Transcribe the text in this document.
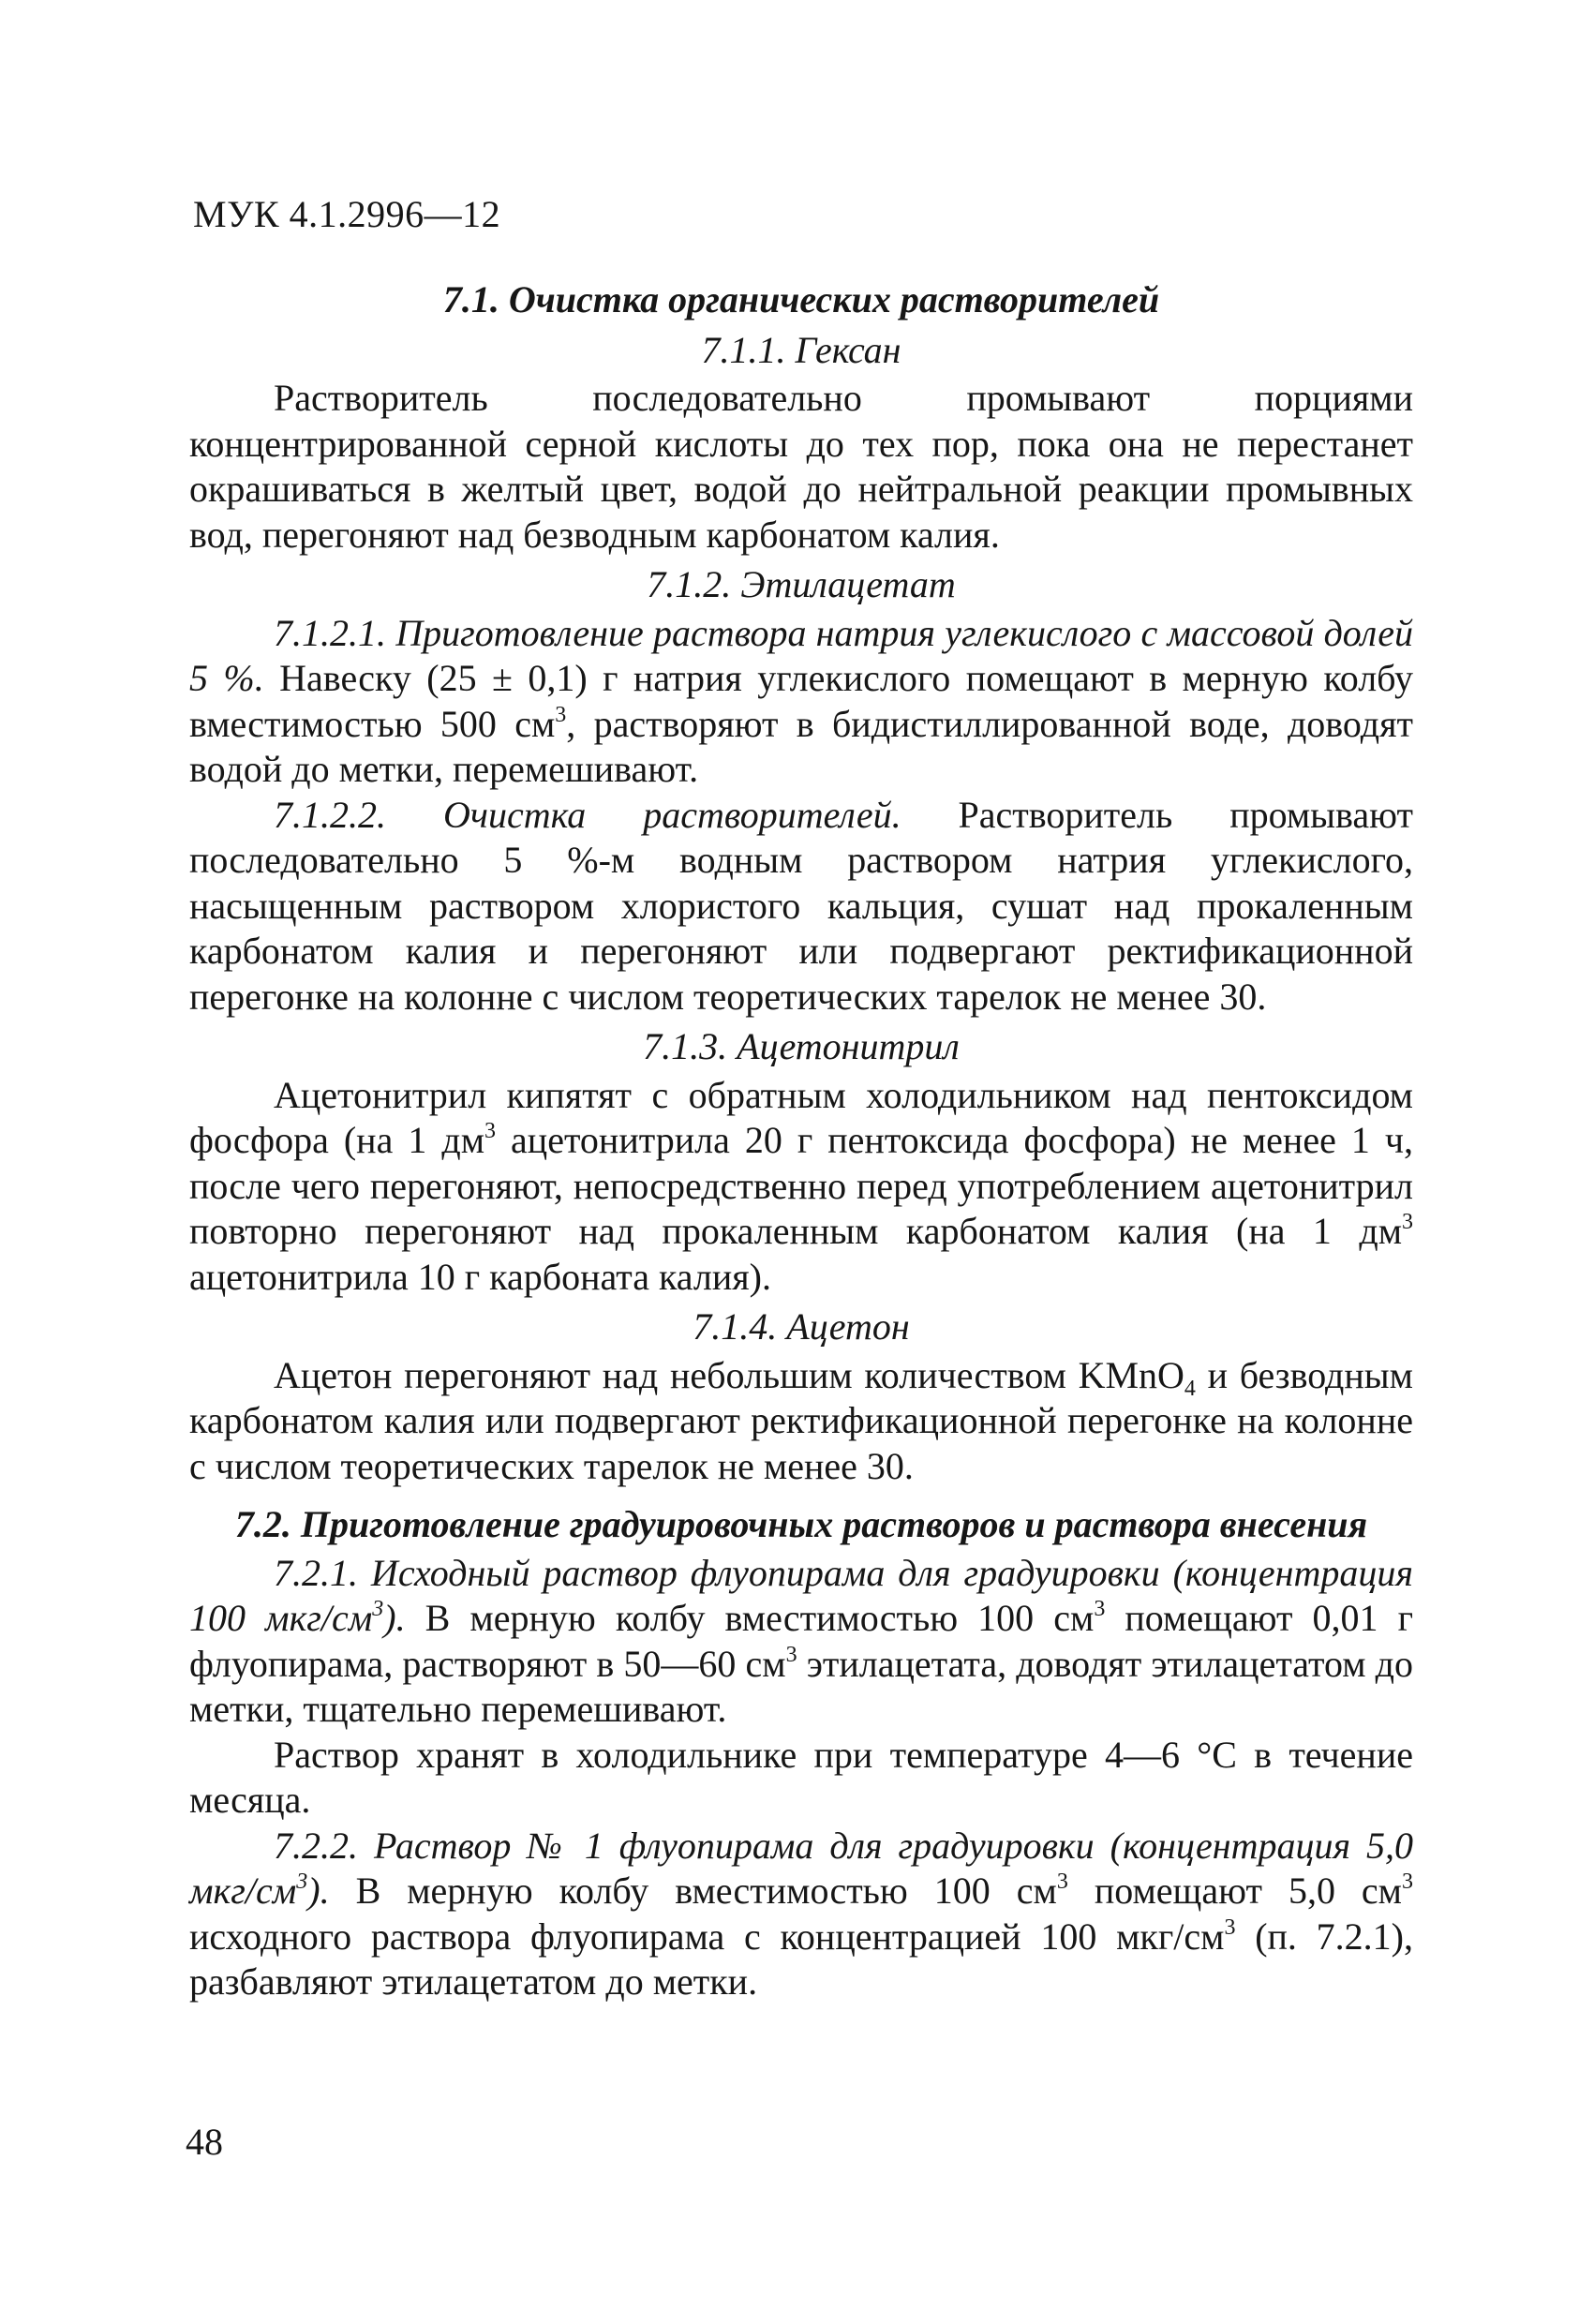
МУК 4.1.2996—12

7.1. Очистка органических растворителей

7.1.1. Гексан

Растворитель последовательно промывают порциями концентрированной серной кислоты до тех пор, пока она не перестанет окрашиваться в желтый цвет, водой до нейтральной реакции промывных вод, перегоняют над безводным карбонатом калия.

7.1.2. Этилацетат

7.1.2.1. Приготовление раствора натрия углекислого с массовой долей 5 %. Навеску (25 ± 0,1) г натрия углекислого помещают в мерную колбу вместимостью 500 $см^3$, растворяют в бидистиллированной воде, доводят водой до метки, перемешивают.

7.1.2.2. Очистка растворителей. Растворитель промывают последовательно 5 %-м водным раствором натрия углекислого, насыщенным раствором хлористого кальция, сушат над прокаленным карбонатом калия и перегоняют или подвергают ректификационной перегонке на колонне с числом теоретических тарелок не менее 30.

7.1.3. Ацетонитрил

Ацетонитрил кипятят с обратным холодильником над пентоксидом фосфора (на 1 $дм^3$ ацетонитрила 20 г пентоксида фосфора) не менее 1 ч, после чего перегоняют, непосредственно перед употреблением ацетонитрил повторно перегоняют над прокаленным карбонатом калия (на 1 $дм^3$ ацетонитрила 10 г карбоната калия).

7.1.4. Ацетон

Ацетон перегоняют над небольшим количеством KMnO$_4$ и безводным карбонатом калия или подвергают ректификационной перегонке на колонне с числом теоретических тарелок не менее 30.

7.2. Приготовление градуировочных растворов и раствора внесения

7.2.1. Исходный раствор флуопирама для градуировки (концентрация 100 мкг/$см^3$). В мерную колбу вместимостью 100 $см^3$ помещают 0,01 г флуопирама, растворяют в 50—60 $см^3$ этилацетата, доводят этилацетатом до метки, тщательно перемешивают.

Раствор хранят в холодильнике при температуре 4—6 °С в течение месяца.

7.2.2. Раствор № 1 флуопирама для градуировки (концентрация 5,0 мкг/$см^3$). В мерную колбу вместимостью 100 $см^3$ помещают 5,0 $см^3$ исходного раствора флуопирама с концентрацией 100 мкг/$см^3$ (п. 7.2.1), разбавляют этилацетатом до метки.

48
